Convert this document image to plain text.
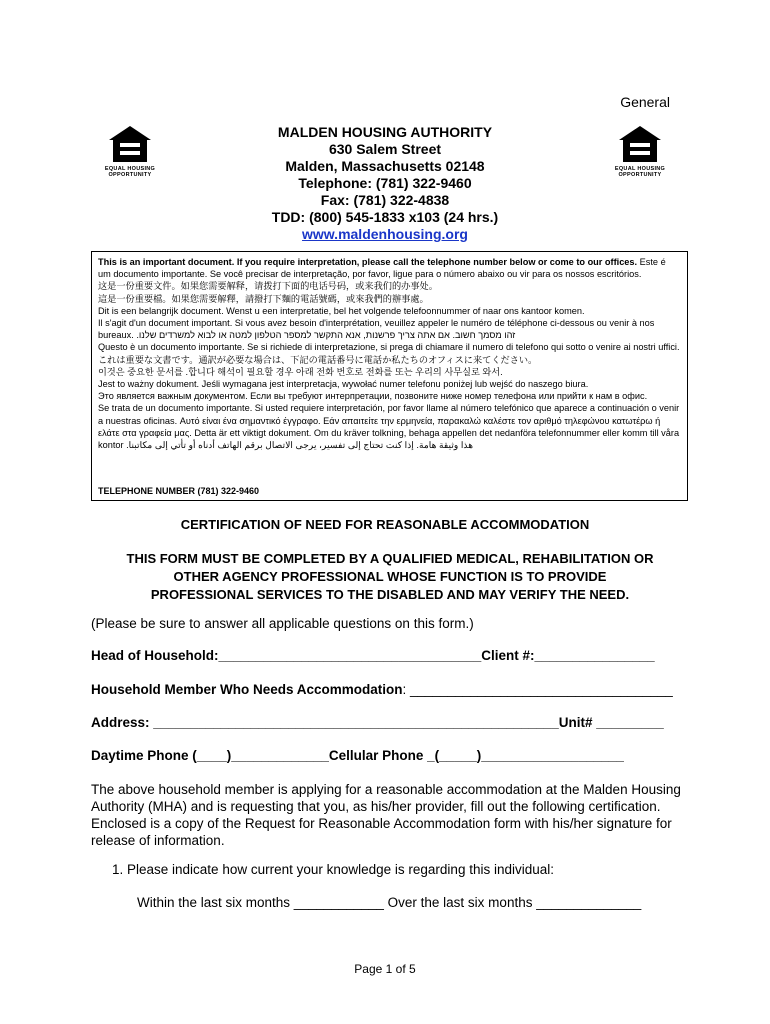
General
EQUAL HOUSING
OPPORTUNITY
EQUAL HOUSING
OPPORTUNITY
MALDEN HOUSING AUTHORITY
630 Salem Street
Malden, Massachusetts 02148
Telephone: (781) 322-9460
Fax: (781) 322-4838
TDD: (800) 545-1833 x103 (24 hrs.)
www.maldenhousing.org

This is an important document. If you require interpretation, please call the telephone number below or come to our offices. Este é um documento importante. Se você precisar de interpretação, por favor, ligue para o número abaixo ou vir para os nossos escritórios.

这是一份重要文件。如果您需要解释，请拨打下面的电话号码，或来我们的办事处。

這是一份重要檔。如果您需要解釋，請撥打下麵的電話號碼，或來我們的辦事處。

Dit is een belangrijk document. Wenst u een interpretatie, bel het volgende telefoonnummer of naar ons kantoor komen.

Il s'agit d'un document important. Si vous avez besoin d'interprétation, veuillez appeler le numéro de téléphone ci-dessous ou venir à nos bureaux. זהו מסמך חשוב. אם אתה צריך פרשנות, אנא התקשר למספר הטלפון למטה או לבוא למשרדים שלנו.

Questo è un documento importante. Se si richiede di interpretazione, si prega di chiamare il numero di telefono qui sotto o venire ai nostri uffici.

これは重要な文書です。通訳が必要な場合は、下記の電話番号に電話か私たちのオフィスに来てください。

이것은 중요한 문서를 .합니다 해석이 필요할 경우 아래 전화 번호로 전화를 또는 우리의 사무실로 와서.

Jest to ważny dokument. Jeśli wymagana jest interpretacja, wywołać numer telefonu poniżej lub wejść do naszego biura.

Это является важным документом. Если вы требуют интерпретации, позвоните ниже номер телефона или прийти к нам в офис.

Se trata de un documento importante. Si usted requiere interpretación, por favor llame al número telefónico que aparece a continuación o venir a nuestras oficinas. Αυτό είναι ένα σημαντικό έγγραφο. Εάν απαιτείτε την ερμηνεία, παρακαλώ καλέστε τον αριθμό τηλεφώνου κατωτέρω ή ελάτε στα γραφεία μας. Detta är ett viktigt dokument. Om du kräver tolkning, behaga appellen det nedanföra telefonnummer eller komm till våra kontor هذا وثيقة هامة. إذا كنت تحتاج إلى تفسير، يرجى الاتصال برقم الهاتف أدناه أو تأتي إلى مكاتبنا.

TELEPHONE NUMBER (781) 322-9460
CERTIFICATION OF NEED FOR REASONABLE ACCOMMODATION
THIS FORM MUST BE COMPLETED BY A QUALIFIED MEDICAL, REHABILITATION OR
OTHER AGENCY PROFESSIONAL WHOSE FUNCTION IS TO PROVIDE
PROFESSIONAL SERVICES TO THE DISABLED AND MAY VERIFY THE NEED.
(Please be sure to answer all applicable questions on this form.)
Head of Household:___________________________________Client #:________________
Household Member Who Needs Accommodation: ___________________________________
Address: ______________________________________________________Unit# _________
Daytime Phone (____)_____________Cellular Phone _(_____)___________________
The above household member is applying for a reasonable accommodation at the Malden Housing Authority (MHA) and is requesting that you, as his/her provider, fill out the following certification. Enclosed is a copy of the Request for Reasonable Accommodation form with his/her signature for release of information.
1. Please indicate how current your knowledge is regarding this individual:
Within the last six months ____________ Over the last six months ______________
Page 1 of 5
